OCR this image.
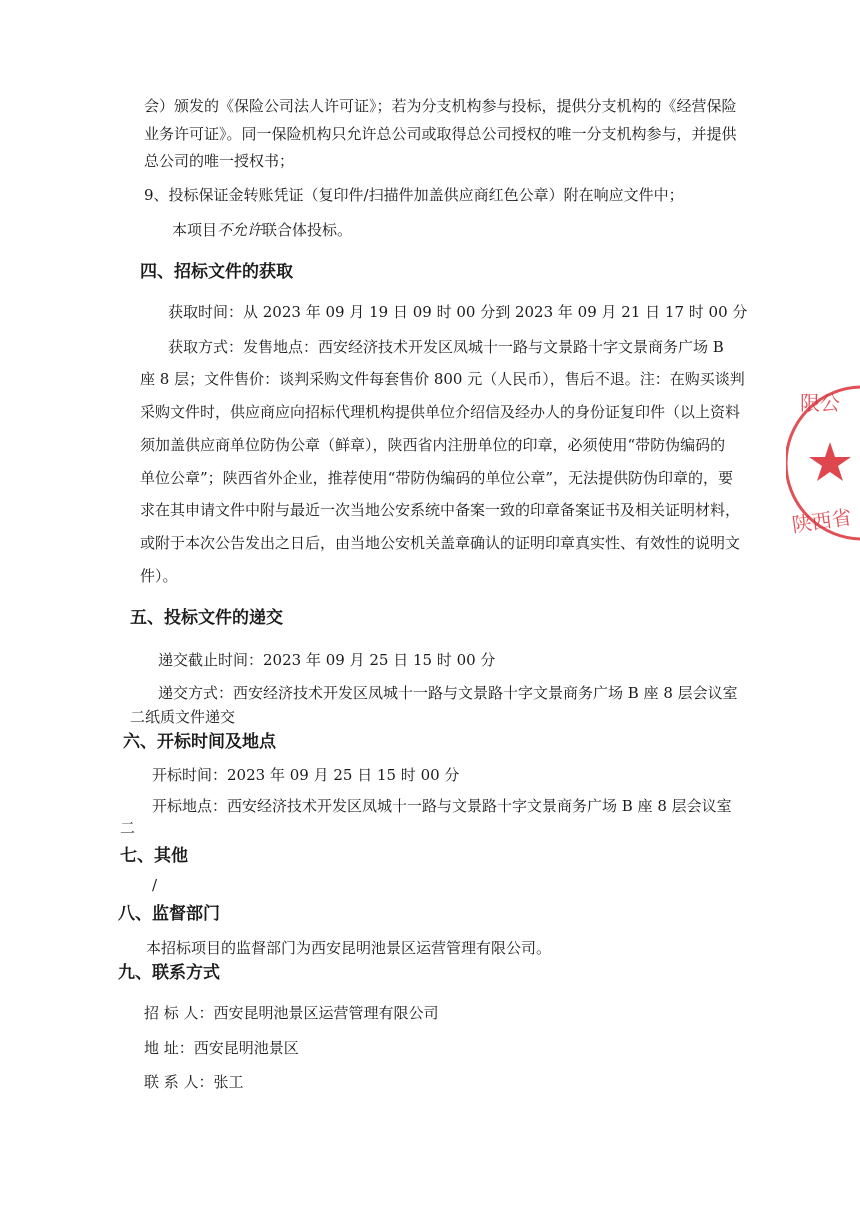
会）颁发的《保险公司法人许可证》；若为分支机构参与投标，提供分支机构的《经营保险
业务许可证》。同一保险机构只允许总公司或取得总公司授权的唯一分支机构参与，并提供
总公司的唯一授权书；
9、投标保证金转账凭证（复印件/扫描件加盖供应商红色公章）附在响应文件中；
本项目不允许联合体投标。
四、招标文件的获取
获取时间：从 2023 年 09 月 19 日 09 时 00 分到 2023 年 09 月 21 日 17 时 00 分
获取方式：发售地点：西安经济技术开发区凤城十一路与文景路十字文景商务广场 B
座 8 层；文件售价：谈判采购文件每套售价 800 元（人民币），售后不退。注：在购买谈判
采购文件时，供应商应向招标代理机构提供单位介绍信及经办人的身份证复印件（以上资料
须加盖供应商单位防伪公章（鲜章），陕西省内注册单位的印章，必须使用“带防伪编码的
单位公章”；陕西省外企业，推荐使用“带防伪编码的单位公章”，无法提供防伪印章的，要
求在其申请文件中附与最近一次当地公安系统中备案一致的印章备案证书及相关证明材料，
或附于本次公告发出之日后，由当地公安机关盖章确认的证明印章真实性、有效性的说明文
件）。
五、投标文件的递交
递交截止时间：2023 年 09 月 25 日 15 时 00 分
递交方式：西安经济技术开发区凤城十一路与文景路十字文景商务广场 B 座 8 层会议室
二纸质文件递交
六、开标时间及地点
开标时间：2023 年 09 月 25 日 15 时 00 分
开标地点：西安经济技术开发区凤城十一路与文景路十字文景商务广场 B 座 8 层会议室
二
七、其他
/
八、监督部门
本招标项目的监督部门为西安昆明池景区运营管理有限公司。
九、联系方式
招 标 人：西安昆明池景区运营管理有限公司
地 址：西安昆明池景区
联 系 人：张工
限公
陕西省
